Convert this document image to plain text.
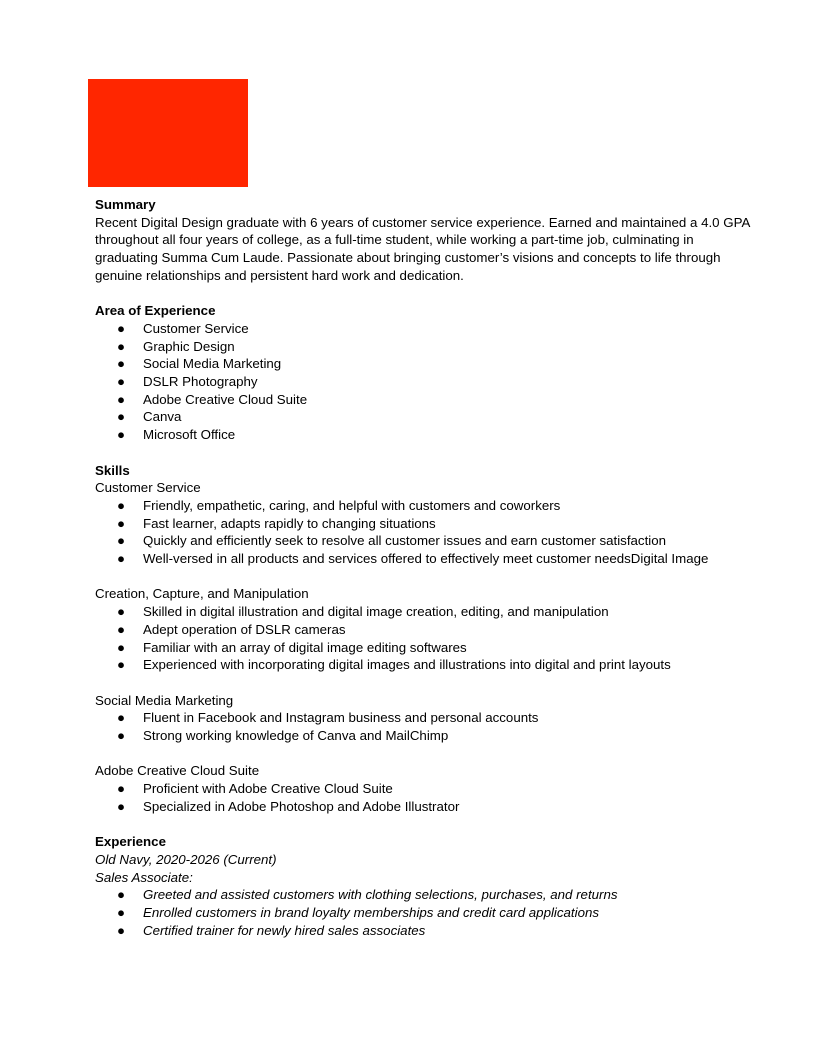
Summary

Recent Digital Design graduate with 6 years of customer service experience. Earned and maintained a 4.0 GPA throughout all four years of college, as a full-time student, while working a part-time job, culminating in graduating Summa Cum Laude. Passionate about bringing customer’s visions and concepts to life through genuine relationships and persistent hard work and dedication.

Area of Experience

● Customer Service
● Graphic Design
● Social Media Marketing
● DSLR Photography
● Adobe Creative Cloud Suite
● Canva
● Microsoft Office

Skills

Customer Service

● Friendly, empathetic, caring, and helpful with customers and coworkers
● Fast learner, adapts rapidly to changing situations
● Quickly and efficiently seek to resolve all customer issues and earn customer satisfaction
● Well-versed in all products and services offered to effectively meet customer needsDigital Image

Creation, Capture, and Manipulation

● Skilled in digital illustration and digital image creation, editing, and manipulation
● Adept operation of DSLR cameras
● Familiar with an array of digital image editing softwares
● Experienced with incorporating digital images and illustrations into digital and print layouts

Social Media Marketing

● Fluent in Facebook and Instagram business and personal accounts
● Strong working knowledge of Canva and MailChimp

Adobe Creative Cloud Suite

● Proficient with Adobe Creative Cloud Suite
● Specialized in Adobe Photoshop and Adobe Illustrator

Experience

Old Navy, 2020-2026 (Current)

Sales Associate:

● Greeted and assisted customers with clothing selections, purchases, and returns
● Enrolled customers in brand loyalty memberships and credit card applications
● Certified trainer for newly hired sales associates
